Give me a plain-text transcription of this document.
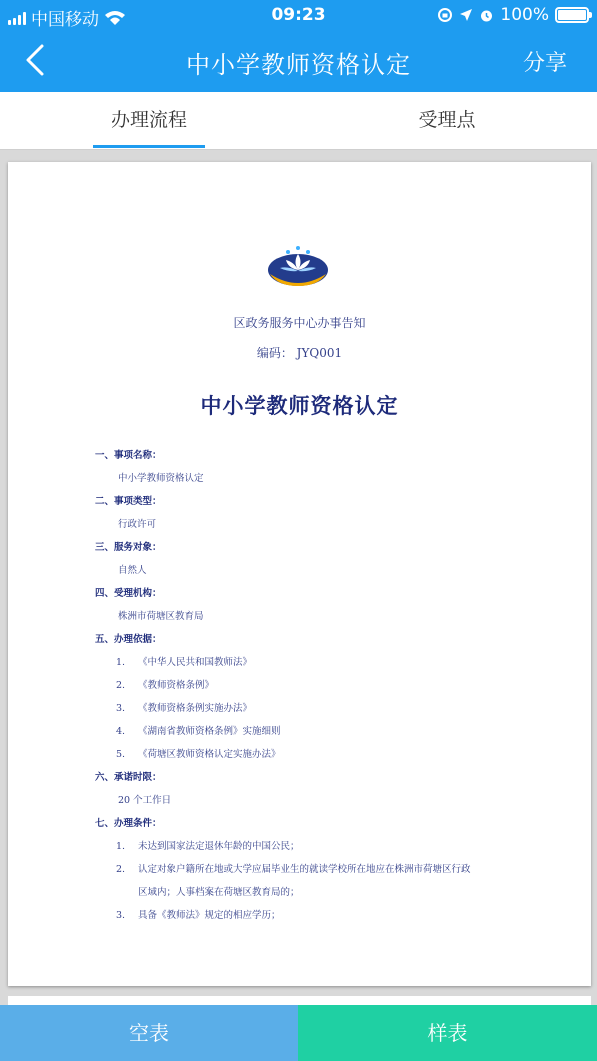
中国移动	09:23	100%
中小学教师资格认定	分享
办理流程	受理点
区政务服务中心办事告知
编码： JYQ001
中小学教师资格认定
一、事项名称：
中小学教师资格认定
二、事项类型：
行政许可
三、服务对象：
自然人
四、受理机构：
株洲市荷塘区教育局
五、办理依据：
1. 《中华人民共和国教师法》
2. 《教师资格条例》
3. 《教师资格条例实施办法》
4. 《湖南省教师资格条例》实施细则
5. 《荷塘区教师资格认定实施办法》
六、承诺时限：
20 个工作日
七、办理条件：
1. 未达到国家法定退休年龄的中国公民；
2. 认定对象户籍所在地或大学应届毕业生的就读学校所在地应在株洲市荷塘区行政
区域内；人事档案在荷塘区教育局的；
3. 具备《教师法》规定的相应学历；
空表	样表
